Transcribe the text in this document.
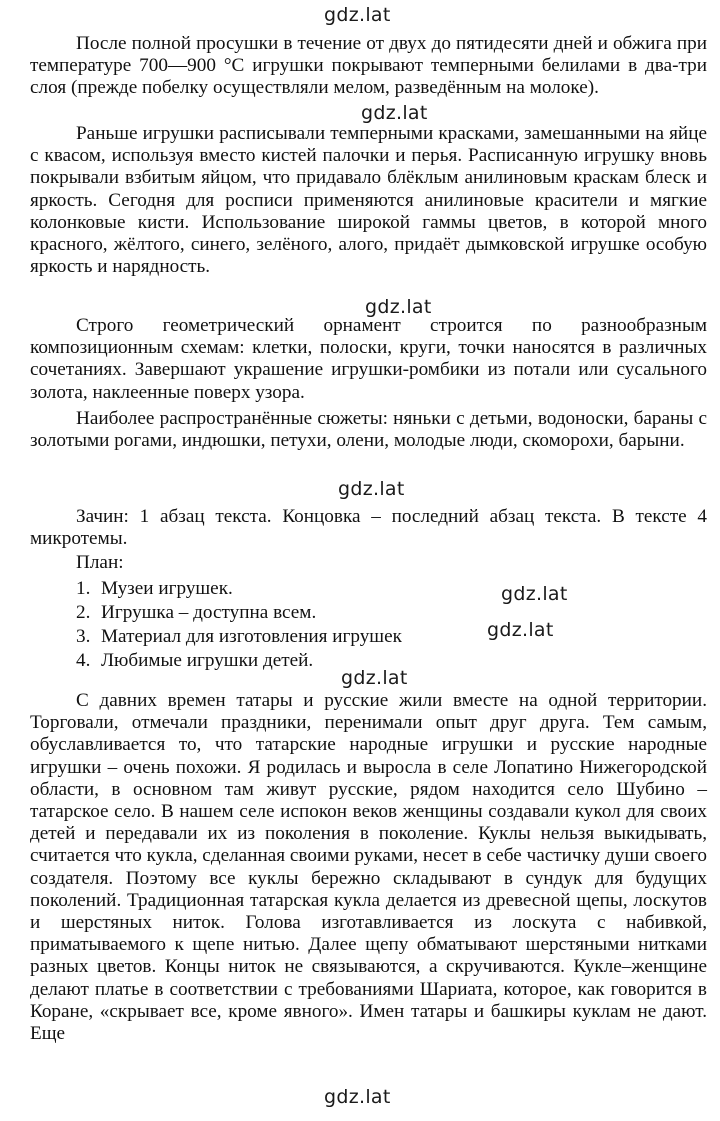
gdz.lat

После полной просушки в течение от двух до пятидесяти дней и обжига при температуре 700—900 °С игрушки покрывают темперными белилами в два-три слоя (прежде побелку осуществляли мелом, разведённым на молоке).

Раньше игрушки расписывали темперными красками, замешанными на яйце с квасом, используя вместо кистей палочки и перья. Расписанную игрушку вновь покрывали взбитым яйцом, что придавало блёклым анилиновым краскам блеск и яркость. Сегодня для росписи применяются анилиновые красители и мягкие колонковые кисти. Использование широкой гаммы цветов, в которой много красного, жёлтого, синего, зелёного, алого, придаёт дымковской игрушке особую яркость и нарядность.

gdz.lat
gdz.lat

Строго геометрический орнамент строится по разнообразным композиционным схемам: клетки, полоски, круги, точки наносятся в различных сочетаниях. Завершают украшение игрушки-ромбики из потали или сусального золота, наклеенные поверх узора.

Наиболее распространённые сюжеты: няньки с детьми, водоноски, бараны с золотыми рогами, индюшки, петухи, олени, молодые люди, скоморохи, барыни.

gdz.lat

Зачин: 1 абзац текста. Концовка – последний абзац текста. В тексте 4 микротемы.

План:
1. Музеи игрушек.
2. Игрушка – доступна всем.
3. Материал для изготовления игрушек
4. Любимые игрушки детей.
gdz.lat
gdz.lat
gdz.lat

С давних времен татары и русские жили вместе на одной территории. Торговали, отмечали праздники, перенимали опыт друг друга. Тем самым, обуславливается то, что татарские народные игрушки и русские народные игрушки – очень похожи. Я родилась и выросла в селе Лопатино Нижегородской области, в основном там живут русские, рядом находится село Шубино – татарское село. В нашем селе испокон веков женщины создавали кукол для своих детей и передавали их из поколения в поколение. Куклы нельзя выкидывать, считается что кукла, сделанная своими руками, несет в себе частичку души своего создателя. Поэтому все куклы бережно складывают в сундук для будущих поколений. Традиционная татарская кукла делается из древесной щепы, лоскутов и шерстяных ниток. Голова изготавливается из лоскута с набивкой, приматываемого к щепе нитью. Далее щепу обматывают шерстяными нитками разных цветов. Концы ниток не связываются, а скручиваются. Кукле–женщине делают платье в соответствии с требованиями Шариата, которое, как говорится в Коране, «скрывает все, кроме явного». Имен татары и башкиры куклам не дают. Еще

gdz.lat
